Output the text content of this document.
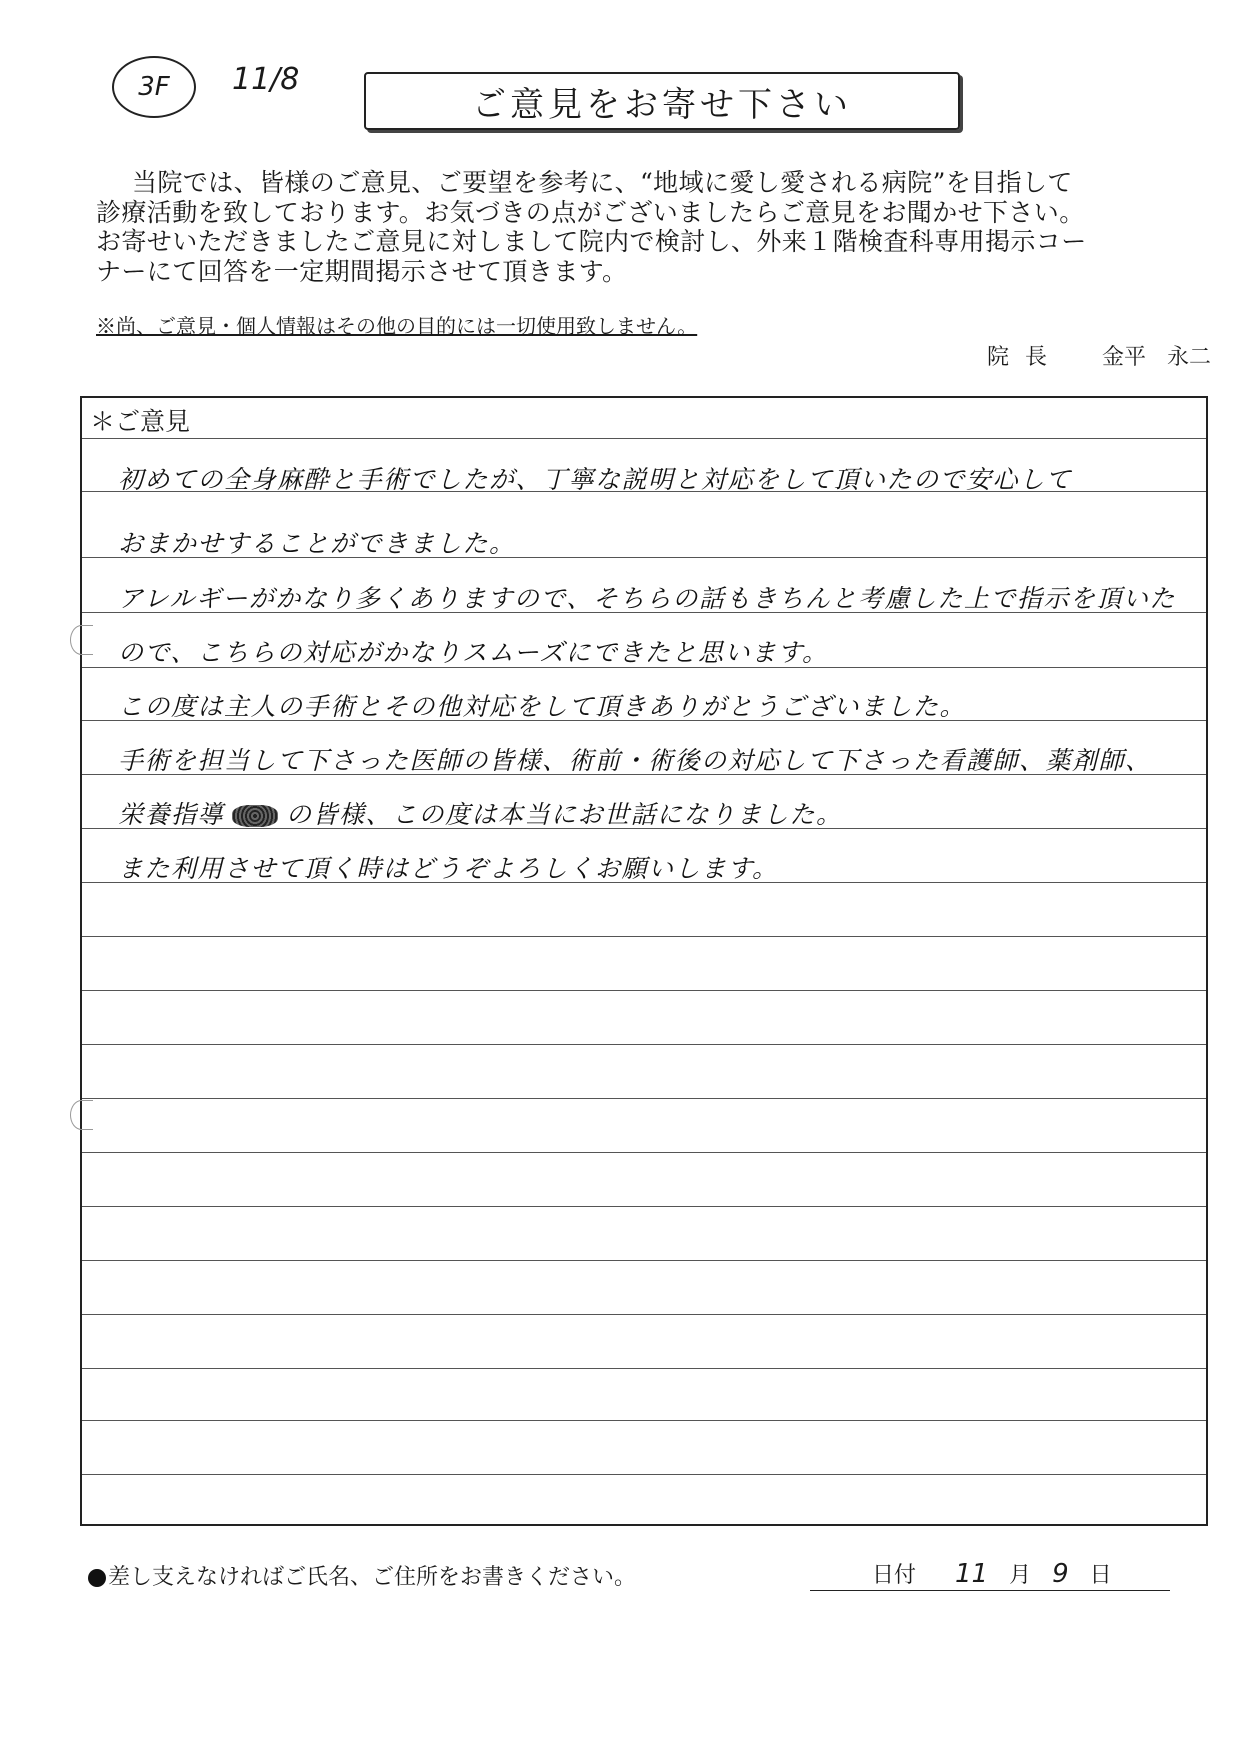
3F 11/8
ご意見をお寄せ下さい
当院では、皆様のご意見、ご要望を参考に、“地域に愛し愛される病院”を目指して
診療活動を致しております。お気づきの点がございましたらご意見をお聞かせ下さい。
お寄せいただきましたご意見に対しまして院内で検討し、外来１階検査科専用掲示コー
ナーにて回答を一定期間掲示させて頂きます。
※尚、ご意見・個人情報はその他の目的には一切使用致しません。
院長 金平 永二
＊ご意見
初めての全身麻酔と手術でしたが、丁寧な説明と対応をして頂いたので安心して
おまかせすることができました。
アレルギーがかなり多くありますので、そちらの話もきちんと考慮した上で指示を頂いた
ので、こちらの対応がかなりスムーズにできたと思います。
この度は主人の手術とその他対応をして頂きありがとうございました。
手術を担当して下さった医師の皆様、術前・術後の対応して下さった看護師、薬剤師、
栄養指導 の皆様、この度は本当にお世話になりました。
また利用させて頂く時はどうぞよろしくお願いします。
差し支えなければご氏名、ご住所をお書きください。	日付 11 月 9 日
